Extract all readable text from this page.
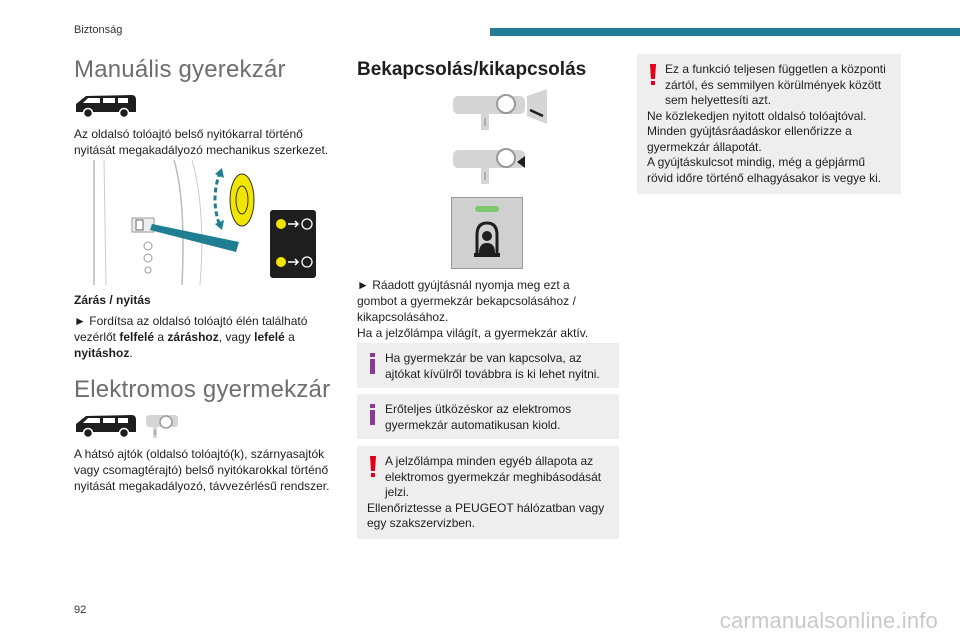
Biztonság
Manuális gyerekzár

Az oldalsó tolóajtó belső nyitókarral történő nyitását megakadályozó mechanikus szerkezet.

Zárás / nyitás

► Fordítsa az oldalsó tolóajtó élén található vezérlőt felfelé a záráshoz, vagy lefelé a nyitáshoz.

Elektromos gyermekzár

A hátsó ajtók (oldalsó tolóajtó(k), szárnyasajtók vagy csomagtérajtó) belső nyitókarokkal történő nyitását megakadályozó, távvezérlésű rendszer.

Bekapcsolás/kikapcsolás

► Ráadott gyújtásnál nyomja meg ezt a gombot a gyermekzár bekapcsolásához / kikapcsolásához.

Ha a jelzőlámpa világít, a gyermekzár aktív.

Ha gyermekzár be van kapcsolva, az ajtókat kívülről továbbra is ki lehet nyitni.

Erőteljes ütközéskor az elektromos gyermekzár automatikusan kiold.

A jelzőlámpa minden egyéb állapota az elektromos gyermekzár meghibásodását jelzi.

Ellenőriztesse a PEUGEOT hálózatban vagy egy szakszervizben.

Ez a funkció teljesen független a központi zártól, és semmilyen körülmények között sem helyettesíti azt.

Ne közlekedjen nyitott oldalsó tolóajtóval.

Minden gyújtásráadáskor ellenőrizze a gyermekzár állapotát.

A gyújtáskulcsot mindig, még a gépjármű rövid időre történő elhagyásakor is vegye ki.

92	carmanualsonline.info
